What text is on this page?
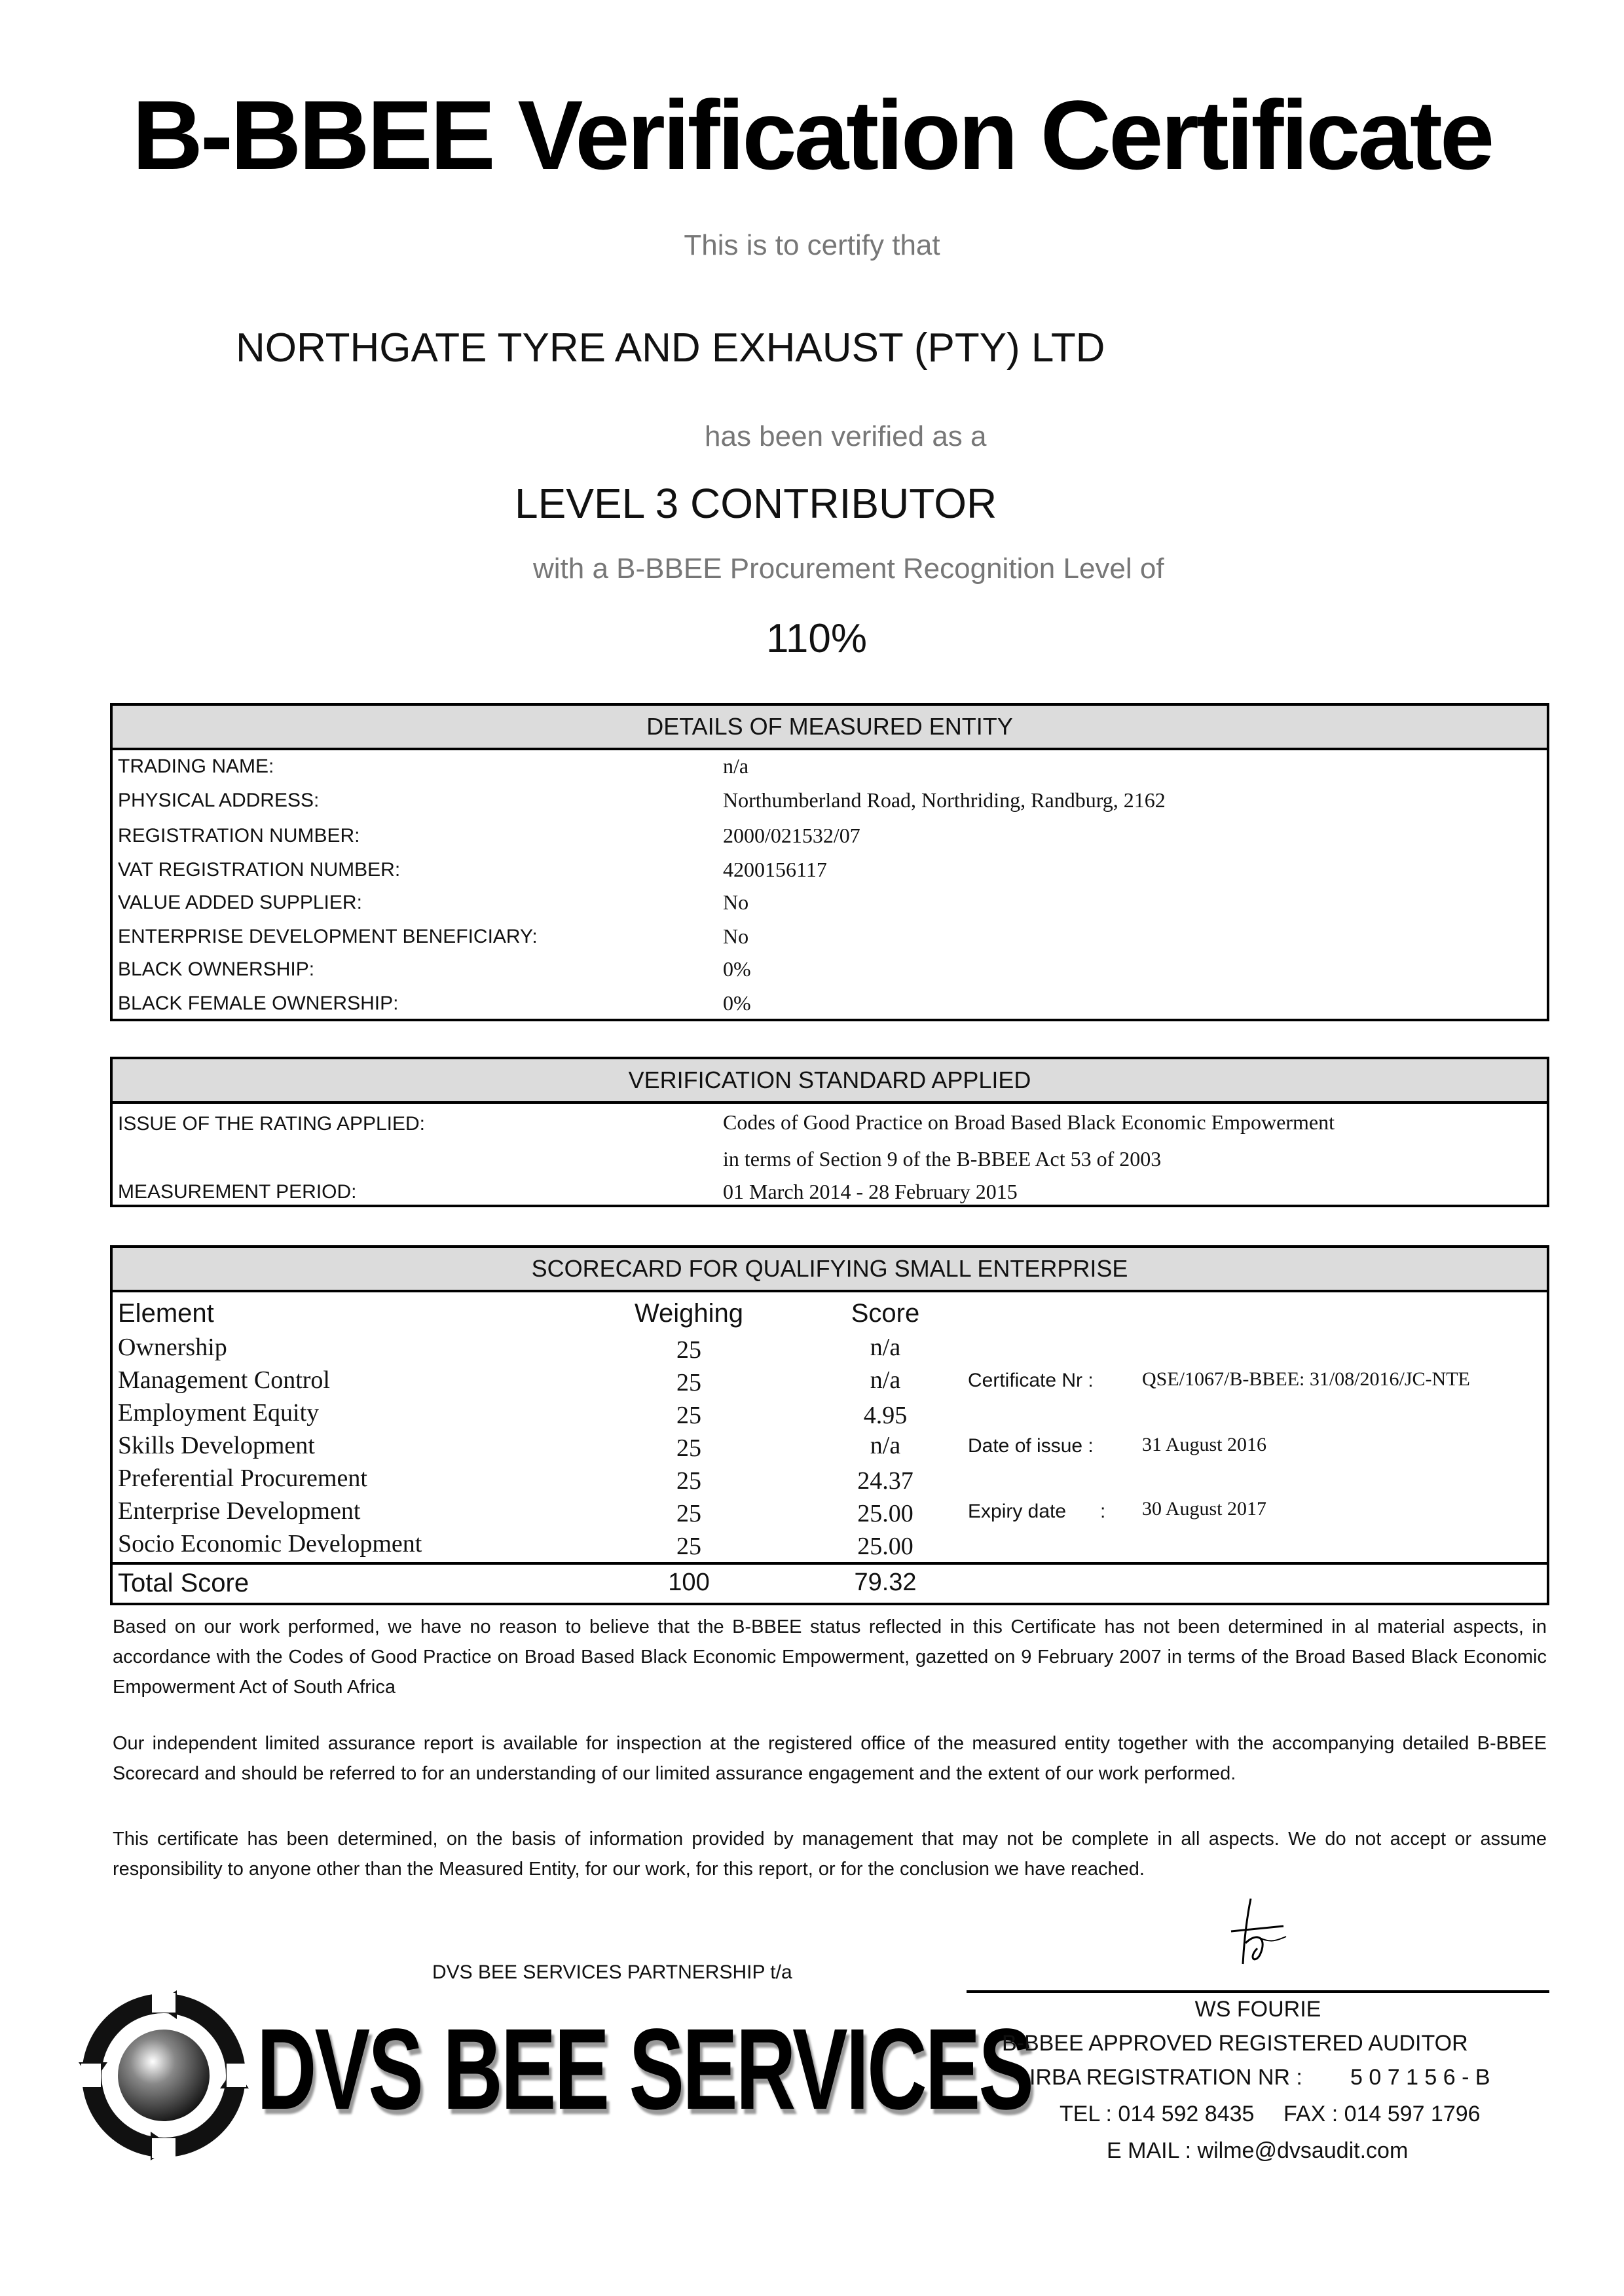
B-BBEE Verification Certificate
This is to certify that
NORTHGATE TYRE AND EXHAUST (PTY) LTD
has been verified as a
LEVEL 3 CONTRIBUTOR
with a B-BBEE Procurement Recognition Level of
110%
DETAILS OF MEASURED ENTITY
TRADING NAME:	n/a
PHYSICAL ADDRESS:	Northumberland Road, Northriding, Randburg, 2162
REGISTRATION NUMBER:	2000/021532/07
VAT REGISTRATION NUMBER:	4200156117
VALUE ADDED SUPPLIER:	No
ENTERPRISE DEVELOPMENT BENEFICIARY:	No
BLACK OWNERSHIP:	0%
BLACK FEMALE OWNERSHIP:	0%
VERIFICATION STANDARD APPLIED
ISSUE OF THE RATING APPLIED:	Codes of Good Practice on Broad Based Black Economic Empowerment
in terms of Section 9 of the B-BBEE Act 53 of 2003
MEASUREMENT PERIOD:	01 March 2014 - 28 February 2015
SCORECARD FOR QUALIFYING SMALL ENTERPRISE
Element	Weighing	Score
Ownership	25	n/a
Management Control	25	n/a
Employment Equity	25	4.95
Skills Development	25	n/a
Preferential Procurement	25	24.37
Enterprise Development	25	25.00
Socio Economic Development	25	25.00
Total Score	100	79.32
Certificate Nr : QSE/1067/B-BBEE: 31/08/2016/JC-NTE
Date of issue : 31 August 2016
Expiry date : 30 August 2017
Based on our work performed, we have no reason to believe that the B-BBEE status reflected in this Certificate has not been determined in al material aspects, in accordance with the Codes of Good Practice on Broad Based Black Economic Empowerment, gazetted on 9 February 2007 in terms of the Broad Based Black Economic Empowerment Act of South Africa
Our independent limited assurance report is available for inspection at the registered office of the measured entity together with the accompanying detailed B-BBEE Scorecard and should be referred to for an understanding of our limited assurance engagement and the extent of our work performed.
This certificate has been determined, on the basis of information provided by management that may not be complete in all aspects. We do not accept or assume responsibility to anyone other than the Measured Entity, for our work, for this report, or for the conclusion we have reached.
DVS BEE SERVICES PARTNERSHIP t/a
DVS BEE SERVICES	WS FOURIE
B-BBEE APPROVED REGISTERED AUDITOR
IRBA REGISTRATION NR : 5 0 7 1 5 6 - B
TEL : 014 592 8435 FAX : 014 597 1796
E MAIL : wilme@dvsaudit.com
